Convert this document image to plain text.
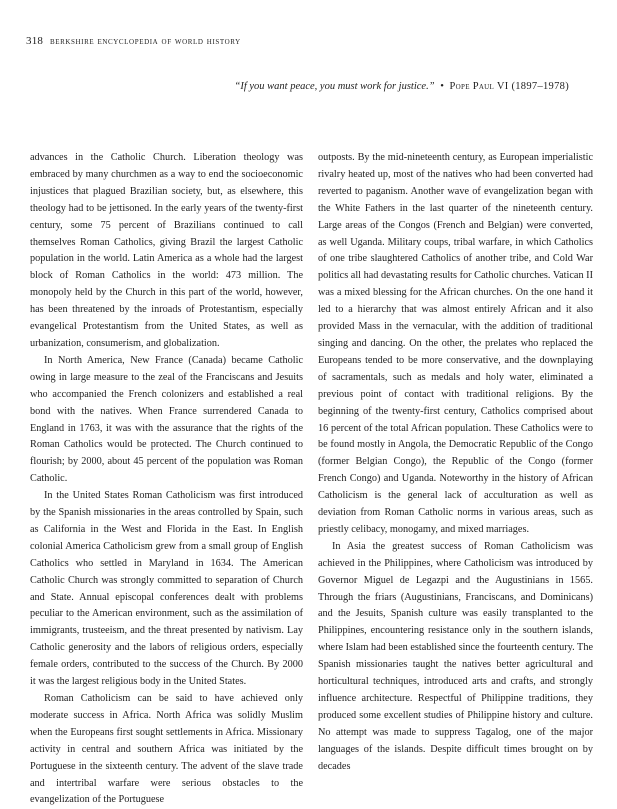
318 berkshire encyclopedia of world history
“If you want peace, you must work for justice.” • Pope Paul VI (1897–1978)

advances in the Catholic Church. Liberation theology was embraced by many churchmen as a way to end the socioeconomic injustices that plagued Brazilian society, but, as elsewhere, this theology had to be jettisoned. In the early years of the twenty-first century, some 75 percent of Brazilians continued to call themselves Roman Catholics, giving Brazil the largest Catholic population in the world. Latin America as a whole had the largest block of Roman Catholics in the world: 473 million. The monopoly held by the Church in this part of the world, however, has been threatened by the inroads of Protestantism, especially evangelical Protestantism from the United States, as well as urbanization, consumerism, and globalization.

In North America, New France (Canada) became Catholic owing in large measure to the zeal of the Franciscans and Jesuits who accompanied the French colonizers and established a real bond with the natives. When France surrendered Canada to England in 1763, it was with the assurance that the rights of the Roman Catholics would be protected. The Church continued to flourish; by 2000, about 45 percent of the population was Roman Catholic.

In the United States Roman Catholicism was first introduced by the Spanish missionaries in the areas controlled by Spain, such as California in the West and Florida in the East. In English colonial America Catholicism grew from a small group of English Catholics who settled in Maryland in 1634. The American Catholic Church was strongly committed to separation of Church and State. Annual episcopal conferences dealt with problems peculiar to the American environment, such as the assimilation of immigrants, trusteeism, and the threat presented by nativism. Lay Catholic generosity and the labors of religious orders, especially female orders, contributed to the success of the Church. By 2000 it was the largest religious body in the United States.

Roman Catholicism can be said to have achieved only moderate success in Africa. North Africa was solidly Muslim when the Europeans first sought settlements in Africa. Missionary activity in central and southern Africa was initiated by the Portuguese in the sixteenth century. The advent of the slave trade and intertribal warfare were serious obstacles to the evangelization of the Portuguese

outposts. By the mid-nineteenth century, as European imperialistic rivalry heated up, most of the natives who had been converted had reverted to paganism. Another wave of evangelization began with the White Fathers in the last quarter of the nineteenth century. Large areas of the Congos (French and Belgian) were converted, as well Uganda. Military coups, tribal warfare, in which Catholics of one tribe slaughtered Catholics of another tribe, and Cold War politics all had devastating results for Catholic churches. Vatican II was a mixed blessing for the African churches. On the one hand it led to a hierarchy that was almost entirely African and it also provided Mass in the vernacular, with the addition of traditional singing and dancing. On the other, the prelates who replaced the Europeans tended to be more conservative, and the downplaying of sacramentals, such as medals and holy water, eliminated a previous point of contact with traditional religions. By the beginning of the twenty-first century, Catholics comprised about 16 percent of the total African population. These Catholics were to be found mostly in Angola, the Democratic Republic of the Congo (former Belgian Congo), the Republic of the Congo (former French Congo) and Uganda. Noteworthy in the history of African Catholicism is the general lack of acculturation as well as deviation from Roman Catholic norms in various areas, such as priestly celibacy, monogamy, and mixed marriages.

In Asia the greatest success of Roman Catholicism was achieved in the Philippines, where Catholicism was introduced by Governor Miguel de Legazpi and the Augustinians in 1565. Through the friars (Augustinians, Franciscans, and Dominicans) and the Jesuits, Spanish culture was easily transplanted to the Philippines, encountering resistance only in the southern islands, where Islam had been established since the fourteenth century. The Spanish missionaries taught the natives better agricultural and horticultural techniques, introduced arts and crafts, and strongly influence architecture. Respectful of Philippine traditions, they produced some excellent studies of Philippine history and culture. No attempt was made to suppress Tagalog, one of the major languages of the islands. Despite difficult times brought on by decades
